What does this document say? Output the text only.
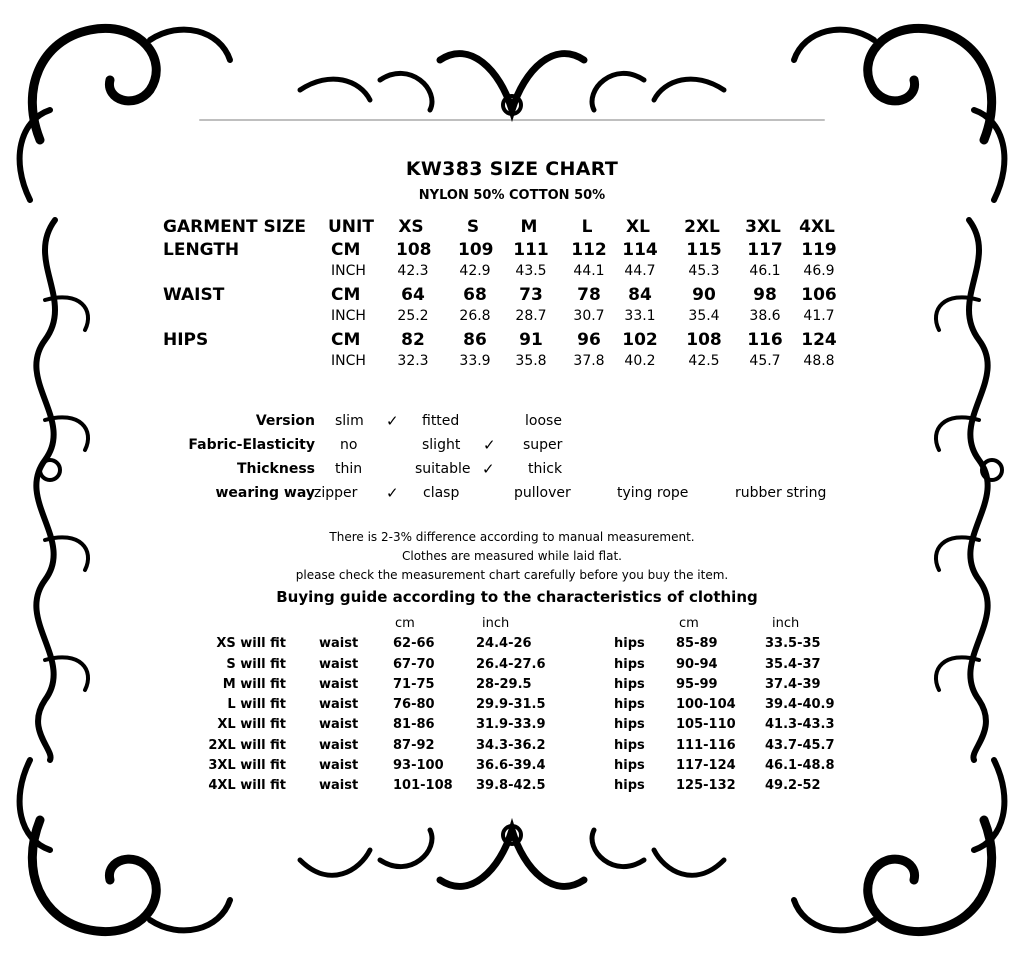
KW383 SIZE CHART
NYLON 50% COTTON 50%
GARMENT SIZE UNIT XS	S	M	L	XL 2XL 3XL 4XL
LENGTH	CM 108 109 111 112 114 115 117 119
INCH 42.3 42.9 43.5 44.1 44.7	45.3	46.1	46.9
WAIST	CM	64	68	73	78	84	90	98	106
INCH 25.2 26.8 28.7 30.7 33.1	35.4	38.6	41.7
HIPS	CM	82	86	91	96	102 108 116 124
INCH 32.3 33.9 35.8 37.8 40.2	42.5	45.7	48.8
Version slim ✓ fitted	loose
Fabric-Elasticity no	slight ✓ super
Thickness thin	suitable ✓ thick
wearing way zipper ✓ clasp	pullover	tying rope	rubber string
There is 2-3% difference according to manual measurement.
Clothes are measured while laid flat.
please check the measurement chart carefully before you buy the item.
Buying guide according to the characteristics of clothing
cm	inch	cm	inch
XS will fit	waist	62-66	24.4-26	hips 85-89	33.5-35
S will fit	waist	67-70	26.4-27.6	hips 90-94	35.4-37
M will fit	waist	71-75	28-29.5	hips 95-99	37.4-39
L will fit	waist	76-80	29.9-31.5	hips 100-104 39.4-40.9
XL will fit	waist	81-86	31.9-33.9	hips 105-110 41.3-43.3
2XL will fit	waist	87-92	34.3-36.2	hips 111-116 43.7-45.7
3XL will fit	waist	93-100 36.6-39.4	hips 117-124 46.1-48.8
4XL will fit	waist	101-108 39.8-42.5	hips 125-132 49.2-52
